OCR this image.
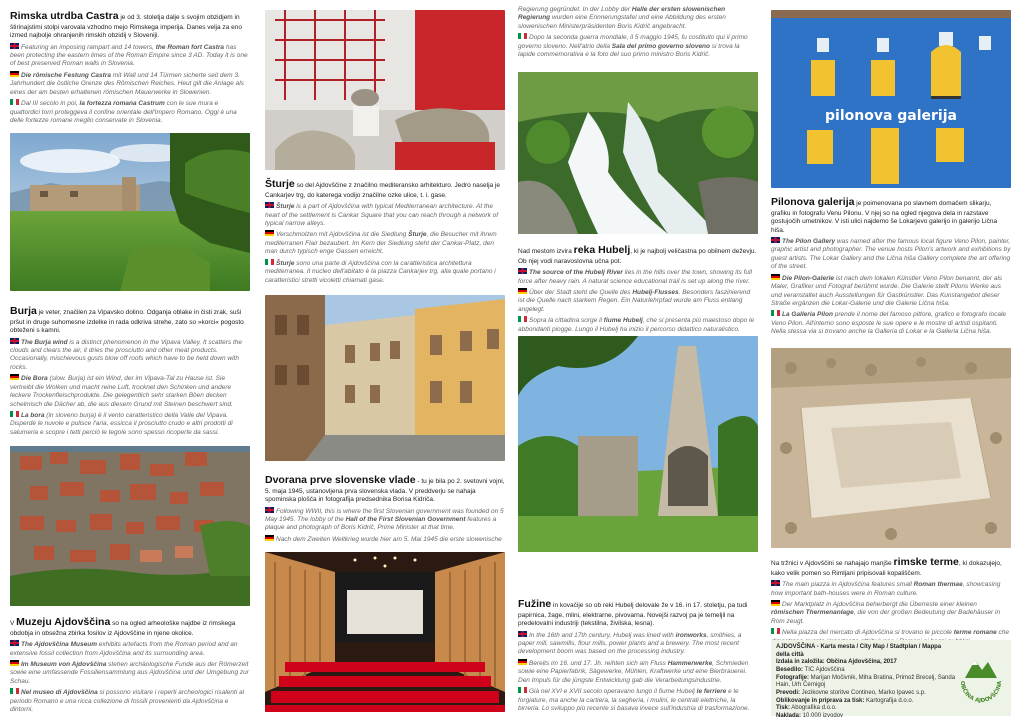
Rimska utrdba Castra je od 3. stoletja dalje s svojim obzidjem in štirinajstimi stolpi varovala vzhodno mejo Rimskega imperija. Danes velja za eno izmed najbolje ohranjenih rimskih obzidij v Sloveniji.

Featuring an imposing rampart and 14 towers, the Roman fort Castra has been protecting the eastern limes of the Roman Empire since 3 AD. Today it is one of best preserved Roman walls in Slovenia.

Die römische Festung Castra mit Wall und 14 Türmen sicherte seit dem 3. Jahrhundert die östliche Grenze des Römischen Reiches. Heut gilt die Anlage als eines der am besten erhaltenen römischen Mauerwerke in Slowenien.

Dal III secolo in poi, la fortezza romana Castrum con le sue mura e quattordici torri proteggeva il confine orientale dell'Impero Romano. Oggi è una delle fortezze romane meglio conservate in Slovenia.

Burja je veter, značilen za Vipavsko dolino. Odganja oblake in čisti zrak, suši pršut in druge suhomesne izdelke in rada odkriva strehe, zato so »korci« pogosto obteženi s kamni.

The Burja wind is a distinct phenomenon in the Vipava Valley. It scatters the clouds and clears the air, it dries the prosciutto and other meat products. Occasionally, mischievous gusts blow off roofs which have to be held down with rocks.

Die Bora (slow. Burja) ist ein Wind, der im Vipava-Tal zu Hause ist. Sie vertreibt die Wolken und macht reine Luft, trocknet den Schinken und andere leckere Trockenfleischprodukte. Die gelegentlich sehr starken Böen decken schelmisch die Dächer ab, die aus diesem Grund mit Steinen beschwert sind.

La bora (in sloveno burja) è il vento caratteristico della Valle del Vipava. Disperde le nuvole e pulisce l'aria, essicca il prosciutto crudo e altri prodotti di salumeria e scopre i tetti perciò le tegole sono spesso ricoperte da sassi.

V Muzeju Ajdovščina so na ogled arheološke najdbe iz rimskega obdobja in obsežna zbirka fosilov iz Ajdovščine in njene okolice.

The Ajdovščina Museum exhibits artefacts from the Roman period and an extensive fossil collection from Ajdovščina and its surrounding area.

Im Museum von Ajdovščina stehen archäologische Funde aus der Römerzeit sowie eine umfassende Fossiliensammlung aus Ajdovščina und der Umgebung zur Schau.

Nel museo di Ajdovščina si possono visitare i reperti archeologici risalenti al periodo Romano e una ricca collezione di fossili provenienti da Ajdovščina e dintorni.

Šturje so del Ajdovščine z značilno mediteransko arhitekturo. Jedro naselja je Cankarjev trg, do katerega vodijo značilne ozke ulice, t. i. gase.

Šturje is a part of Ajdovščina with typical Mediterranean architecture. At the heart of the settlement is Cankar Square that you can reach through a network of typical narrow alleys.

Verschmolzen mit Ajdovščina ist die Siedlung Šturje, die Besucher mit ihrem mediterranen Flair bezaubert. Im Kern der Siedlung steht der Cankar-Platz, den man durch typisch enge Gassen erreicht.

Šturje sono una parte di Ajdovščina con la caratteristica architettura mediterranea. Il nucleo dell'abitato è la piazza Cankarjev trg, alla quale portano i caratteristici stretti vicoletti chiamati gase.

Dvorana prve slovenske vlade - tu je bila po 2. svetovni vojni, 5. maja 1945, ustanovljena prva slovenska vlada. V preddverju se nahaja spominska plošča in fotografija predsednika Borisa Kidriča.

Following WWII, this is where the first Slovenian government was founded on 5 May 1945. The lobby of the Hall of the First Slovenian Government features a plaque and photograph of Boris Kidrič, Prime Minister at that time.

Nach dem Zweiten Weltkrieg wurde hier am 5. Mai 1945 die erste slowenische

Regierung gegründet. In der Lobby der Halle der ersten slowenischen Regierung wurden eine Erinnerungstafel und eine Abbildung des ersten slowenischen Ministerpräsidenten Boris Kidrič angebracht.

Dopo la seconda guerra mondiale, il 5 maggio 1945, fu costituito qui il primo governo sloveno. Nell'atrio della Sala del primo governo sloveno si trova la lapide commemorativa e la foto del suo primo ministro Boris Kidrič.

Nad mestom izvira reka Hubelj, ki je najbolj veličastna po obilnem deževju. Ob njej vodi naravoslovna učna pot.

The source of the Hubelj River lies in the hills over the town, showing its full force after heavy rain. A natural science educational trail is set up along the river.

Über der Stadt steht die Quelle des Hubelj-Flusses. Besonders faszinierend ist die Quelle nach starkem Regen. Ein Naturlehrpfad wurde am Fluss entlang angelegt.

Sopra la cittadina sorge il fiume Hubelj, che si presenta più maestoso dopo le abbondanti piogge. Lungo il Hubelj ha inizio il percorso didattico naturalistico.

Fužine in kovačije so ob reki Hubelj delovale že v 16. in 17. stoletju, pa tudi papirnica, žage, mlini, elektrarne, pivovarna. Novejši razvoj pa je temeljil na predelovalni industriji (tekstilna, živilska, lesna).

In the 16th and 17th century, Hubelj was lined with ironworks, smithies, a paper mill, sawmills, flour mills, power plants and a brewery. The most recent development boom was based on the processing industry.

Bereits im 16. und 17. Jh. reihten sich am Fluss Hammerwerke, Schmieden sowie eine Papierfabrik, Sägewerke, Mühlen, Kraftwerke und eine Bierbrauerei. Den Impuls für die jüngste Entwicklung gab die Verarbeitungsindustrie.

Già nel XVI e XVII secolo operavano lungo il fiume Hubelj le ferriere e le forgiature, ma anche la cartiera, la segheria, i mulini, le centrali elettriche, la birreria. Lo sviluppo più recente si basava invece sull'industria di trasformazione.

pilonova galerija

Pilonova galerija je poimenovana po slavnem domačem slikarju, grafiku in fotografu Venu Pilonu. V njej so na ogled njegova dela in razstave gostujočih umetnikov. V isti ulici najdemo še Lokarjevo galerijo in galerijo Lična hiša.

The Pilon Gallery was named after the famous local figure Veno Pilon, painter, graphic artist and photographer. The venue hosts Pilon's artwork and exhibitions by guest artists. The Lokar Gallery and the Lična hiša Gallery complete the art offering of the street.

Die Pilon-Galerie ist nach dem lokalen Künstler Veno Pilon benannt, der als Maler, Grafiker und Fotograf berühmt wurde. Die Galerie stellt Pilons Werke aus und veranstaltet auch Ausstellungen für Gastkünstler. Das Kunstangebot dieser Straße ergänzen die Lokar-Galerie und die Galerie Lična hiša.

La Galleria Pilon prende il nome del famoso pittore, grafico e fotografo locale Veno Pilon. All'interno sono esposte le sue opere e le mostre di artisti ospitanti. Nella stessa via si trovano anche la Galleria di Lokar e la Galleria Lična hiša.

Na tržnici v Ajdovščini se nahajajo manjše rimske terme, ki dokazujejo, kako velik pomen so Rimljani pripisovali kopališčem.

The main piazza in Ajdovščina features small Roman thermae, showcasing how important bath-houses were in Roman culture.

Der Marktplatz in Ajdovščina beherbergt die Überreste einer kleinen römischen Thermenanlage, die von der großen Bedeutung der Badehäuser in Rom zeugt.

Nella piazza del mercato di Ajdovščina si trovano le piccole terme romane che

AJDOVŠČINA - Karta mesta / City Map / Stadtplan / Mappa della città
Izdala in založila: Občina Ajdovščina, 2017
Besedilo: TIC Ajdovščina
Fotografije: Marijan Močivnik, Miha Bratina, Primož Brecelj, Sanda Hain, Urh Černigoj
Prevodi: Jezikovne storitve Contineo, Marko Ipavec s.p.
Oblikovanje in priprava za tisk: Kartografija d.o.o.
Tisk: Abografika d.o.o.
Naklada: 10.000 izvodov
OBČINA AJDOVŠČINA
